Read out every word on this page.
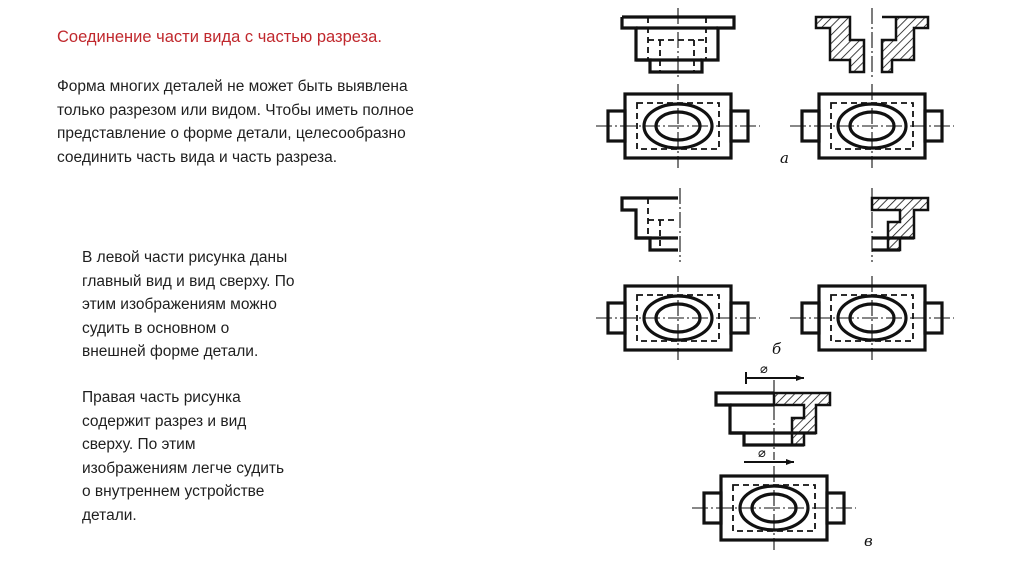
Соединение части вида с частью разреза.

Форма многих деталей не может быть выявлена
только разрезом или видом. Чтобы иметь полное
представление о форме детали, целесообразно
соединить часть вида и часть разреза.

В левой части рисунка даны
главный вид и вид сверху. По
этим изображениям можно
судить в основном о
внешней форме детали.

Правая часть рисунка
содержит разрез и вид
сверху. По этим
изображениям легче судить
о внутреннем устройстве
детали.

а
б
⌀
⌀
в
